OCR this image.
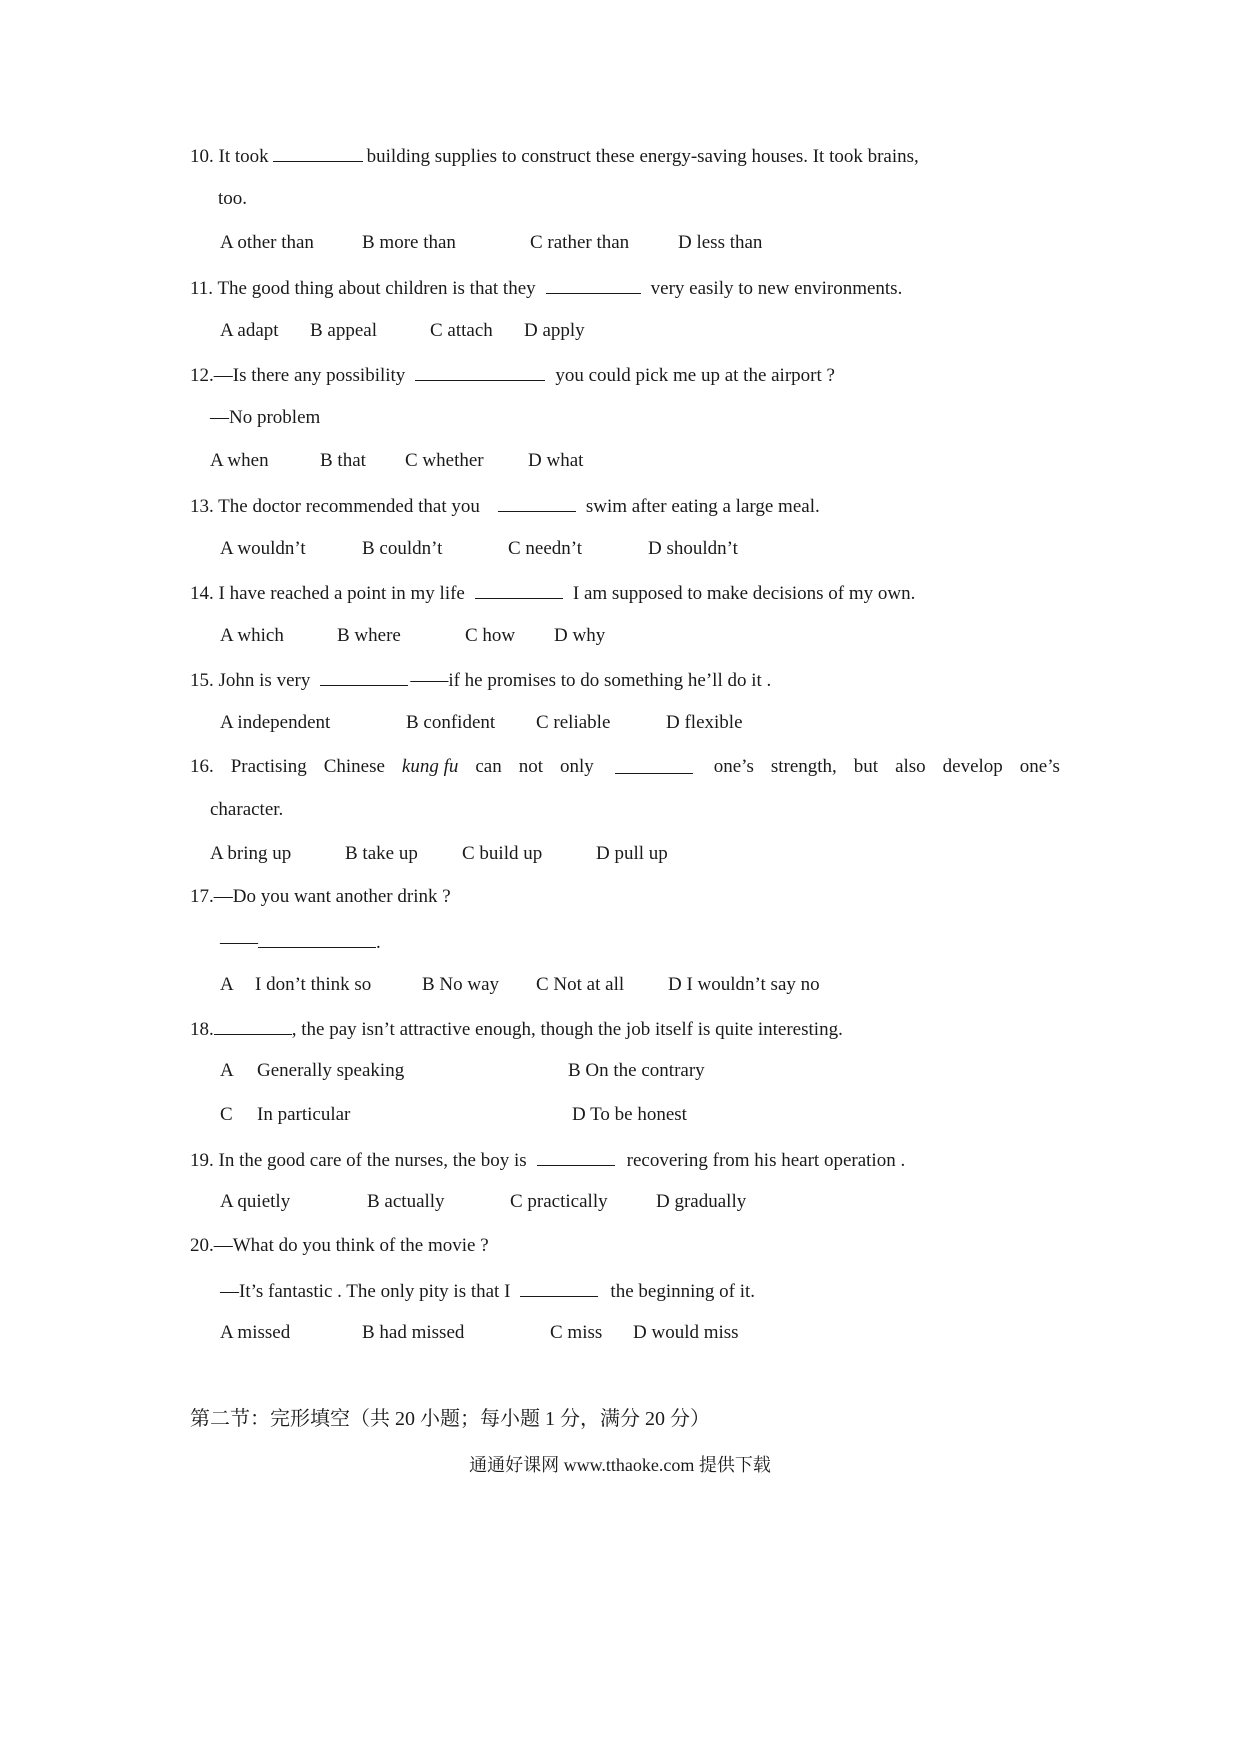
10. It took	building supplies to construct these energy-saving houses. It took brains,
too.
A other than	B more than	C rather than	D less than
11. The good thing about children is that they	very easily to new environments.
A adapt B appeal	C attach D apply
12.—Is there any possibility	you could pick me up at the airport ?
—No problem
A when	B that C whether D what
13. The doctor recommended that you	swim after eating a large meal.
A wouldn’t	B couldn’t	C needn’t	D shouldn’t
14. I have reached a point in my life	I am supposed to make decisions of my own.
A which	B where	C how D why
15. John is very	——if he promises to do something he’ll do it .
A independent	B confident C reliable	D flexible
16. Practising Chinese kung fu can not only	one’s strength, but also develop one’s
character.
A bring up	B take up C build up	D pull up
17.—Do you want another drink ?
——	.
A I don’t think so	B No way C Not at all D I wouldn’t say no
18.	, the pay isn’t attractive enough, though the job itself is quite interesting.
A Generally speaking	B On the contrary
C In particular	D To be honest
19. In the good care of the nurses, the boy is	recovering from his heart operation .
A quietly	B actually	C practically	D gradually
20.—What do you think of the movie ?
—It’s fantastic . The only pity is that I	the beginning of it.
A missed	B had missed	C miss D would miss
第二节：完形填空（共 20 小题；每小题 1 分，满分 20 分）
通通好课网 www.tthaoke.com 提供下载
